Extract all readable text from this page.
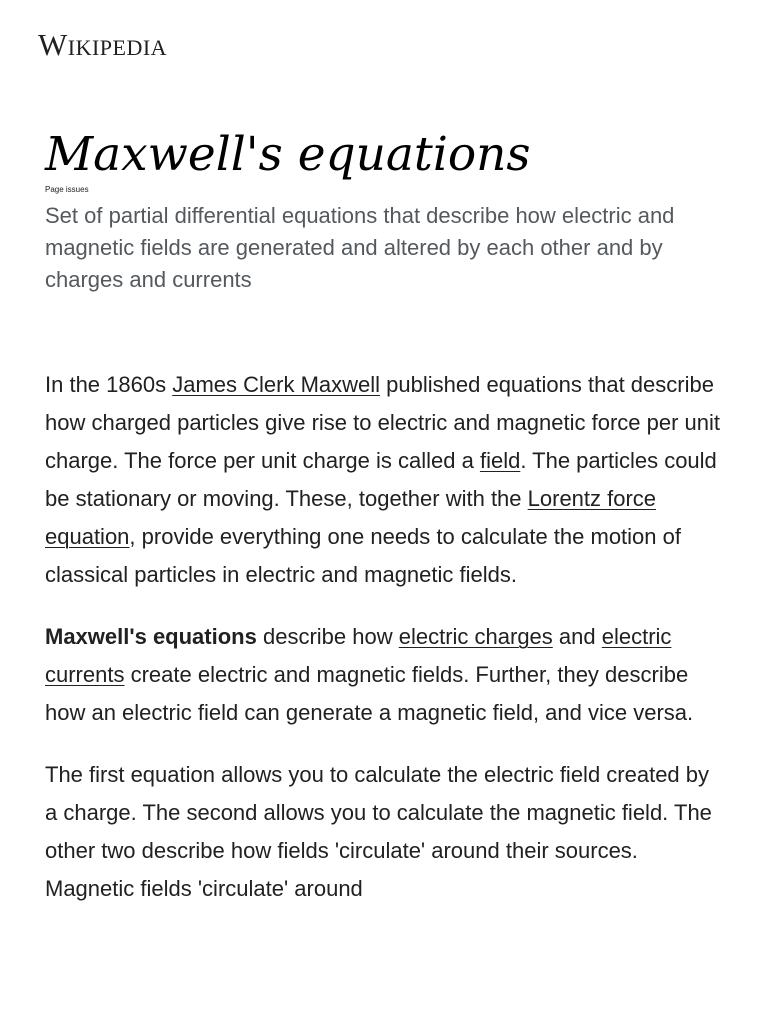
Wikipedia
Maxwell's equations
Page issues

Set of partial differential equations that describe how electric and magnetic fields are generated and altered by each other and by charges and currents

In the 1860s James Clerk Maxwell published equations that describe how charged particles give rise to electric and magnetic force per unit charge. The force per unit charge is called a field. The particles could be stationary or moving. These, together with the Lorentz force equation, provide everything one needs to calculate the motion of classical particles in electric and magnetic fields.

Maxwell's equations describe how electric charges and electric currents create electric and magnetic fields. Further, they describe how an electric field can generate a magnetic field, and vice versa.

The first equation allows you to calculate the electric field created by a charge. The second allows you to calculate the magnetic field. The other two describe how fields 'circulate' around their sources. Magnetic fields 'circulate' around
